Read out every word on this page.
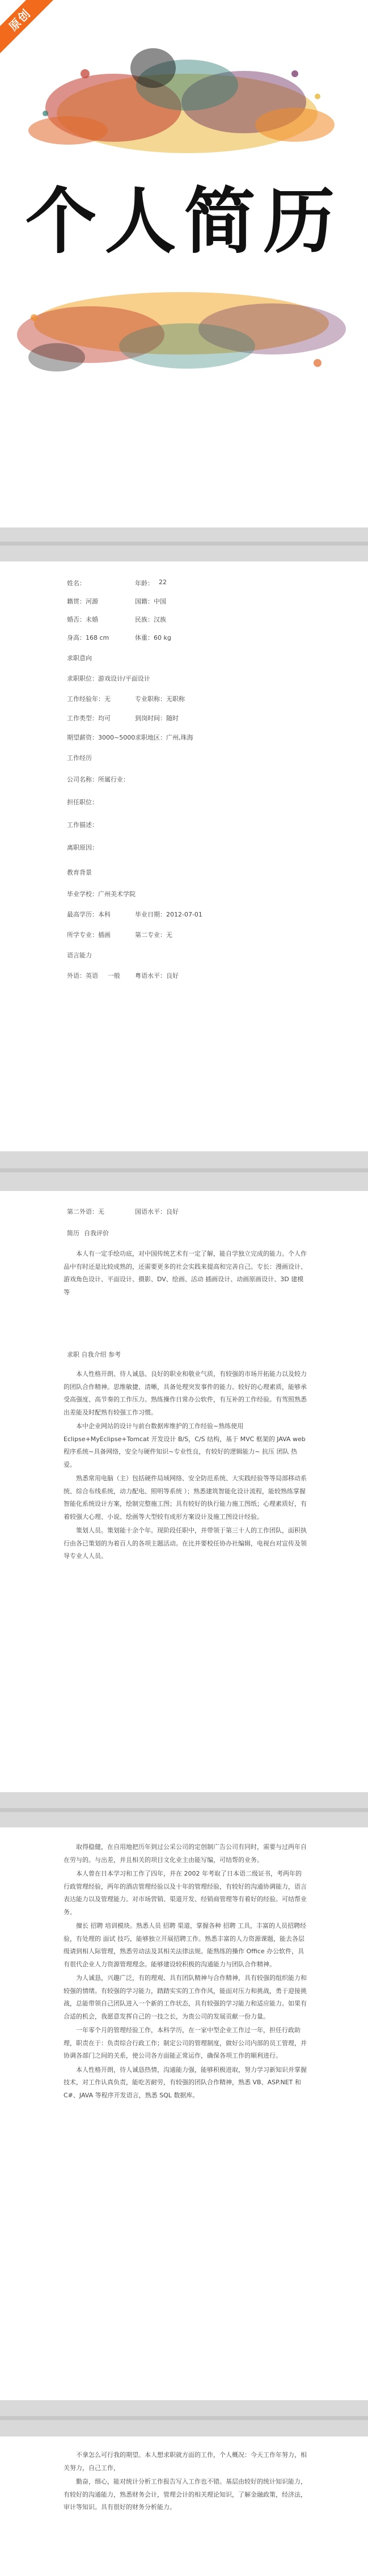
原创
个人简历
姓名：	年龄： 22
籍贯：河源	国籍：中国
婚否：未婚	民族：汉族
身高：168 cm	体重：60 kg
求职意向
求职职位：游戏设计/平面设计
工作经验年：无	专业职称：无职称
工作类型：均可	到岗时间：随时
期望薪资：3000~5000 求职地区：广州,珠海
工作经历
公司名称：所属行业：
担任职位：
工作描述：
离职原因：
教育背景
毕业学校：广州美术学院
最高学历：本科	毕业日期：2012-07-01
所学专业：插画	第二专业：无
语言能力
外语：英语 一般 粤语水平：良好
第二外语：无	国语水平：良好
简历 自我评价

本人有一定手绘功底，对中国传统艺术有一定了解，能自学独立完成的能力。个人作品中有时还是比较成熟的，还需要更多的社会实践来提高和完善自己。专长：漫画设计、游戏角色设计、平面设计、摄影、DV、绘画、活动 插画设计、动画原画设计、3D 建模等

求职 自我介绍 参考

本人性格开朗、待人诚恳、良好的职业和敬业气质，有较强的市场开拓能力以及较力的团队合作精神。思维敏捷、清晰，具备处理突发事件的能力。较好的心理素质，能够承受高强度、高节奏的工作压力。熟练操作日常办公软件，有互补的工作经验。有驾照熟悉出差能及时配熟有较强工作习惯。

本中企业网站的设计与前台数据库维护的工作经验~熟练使用Eclipse+MyEclipse+Tomcat 开发设计 B/S，C/S 结构，基于 MVC 框架的 JAVA web 程序系统~具备网络，安全与硬件知识~专业性良，有较好的逻辑能力~ 抗压 团队 热爱。

熟悉常用电脑（主）包括硬件局域网络、安全防范系统、大实践经验等等局部移动系统、综合布线系统，动力配电、照明等系统 ）；熟悉建筑智能化设计流程，能较熟练掌握智能化系统设计方案，绘制完整施工图；具有较好的执行能力施工图纸；心理素质好，有着较强大心理、小说、绘画等大型较有成形方案设计及施工图设计经验。

策划人员。策划能十余个年。现阶段任职中，并带领于第三十人的工作团队，面积执行由各已策划的为着百人的各项主题活动。在比并要校任协办社编辑，电视台对宣传及领导专业人人员。

取得稳健，在自用地把历年到过公采公司的定创制广告公司有同时，需要与过两年自在劳与的。与出差，并且相关的项目文化业主由能写编，可结帮的业务。

本人曾在日本学习和工作了四年，并在 2002 年考取了日本语二级证书，考两年的行政管理经验，两年的酒店管理经验以及十年的管理经验，有较好的沟通协调能力，语言表达能力以及管理能力。对市场营销、渠道开发、经销商管理等有着好的经验。可结帮业务。

擅长 招聘 培训模块。熟悉人员 招聘 渠道，掌握各种 招聘 工具，丰富的人员招聘经验，有处理的 面试 技巧，能够独立开展招聘工作。熟悉丰富的人力资源课题，能去各层级请到相人际管理，熟悉劳动法及其相关法律法规。能熟练的操作 Office 办公软件，具有很代企业人力资源管理理念。能够建设较积极的沟通能力与团队合作精神。

为人诚恳，兴趣广泛，有的理观、具有团队精神与合作精神，具有较强的组织能力和较强的情绪。有较强的学习能力，踏踏实实的工作作风，能面对压力和挑战，勇于迎接挑战，总能带领自己团队进入一个新的工作状态，具有较强的学习能力和适应能力。如果有合适的机会，我愿意发挥自己的一技之长，为贵公司的发展贡献一份力量。

一年零个月的管理经验工作，本科学历，在一家中型企业工作过一年，担任行政助理，职责在于：负责综合行政工作；制定公司的管理制度，做好公司内部的员工管理，并协调各部门之间的关系，使公司各方面能正常运作，确保各项工作的顺利进行。

本人性格开朗，待人诚恳热情，沟通能力强，能够积极进取，努力学习新知识并掌握技术，对工作认真负责，能吃苦耐劳，有较强的团队合作精神，熟悉 VB、ASP.NET 和 C#、JAVA 等程序开发语言，熟悉 SQL 数据库。

不拿怎么可行我的期望。本人想求职就方面的工作，个人概况：今天工作年努力，相关努力，自己工作，

勤奋，细心，能对统计分析工作报告写入工作也不错。基层由较好的统计知识能力，有较好的沟通能力，熟悉财务会计，管理会计的相关理论知识，了解金融政策，经济法，审计等知识。具有很好的财务分析能力。
